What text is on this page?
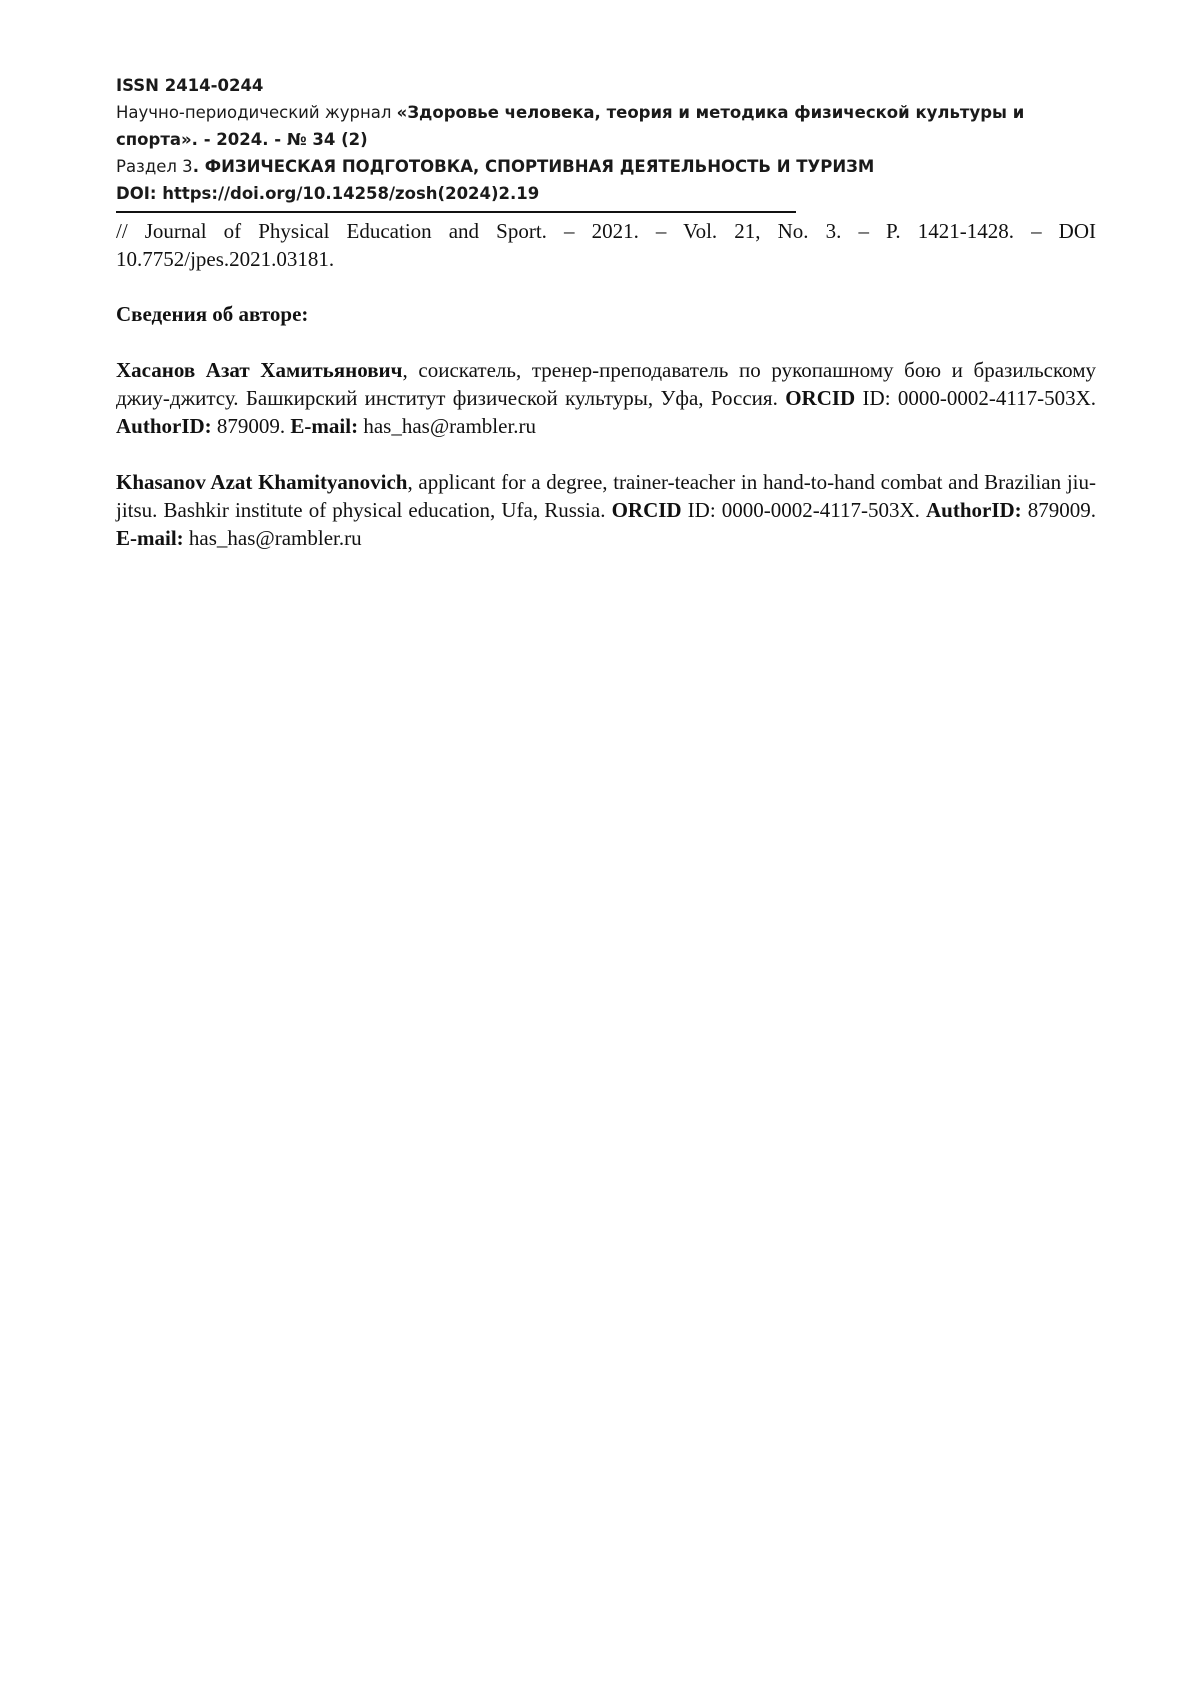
ISSN 2414-0244
Научно-периодический журнал «Здоровье человека, теория и методика физической культуры и
спорта». - 2024. - № 34 (2)
Раздел 3. ФИЗИЧЕСКАЯ ПОДГОТОВКА, СПОРТИВНАЯ ДЕЯТЕЛЬНОСТЬ И ТУРИЗМ
DOI: https://doi.org/10.14258/zosh(2024)2.19
// Journal of Physical Education and Sport. – 2021. – Vol. 21, No. 3. – P. 1421-1428. – DOI 10.7752/jpes.2021.03181.
Сведения об авторе:
Хасанов Азат Хамитьянович, соискатель, тренер-преподаватель по рукопашному бою и бразильскому джиу-джитсу. Башкирский институт физической культуры, Уфа, Россия. ORCID ID: 0000-0002-4117-503X. AuthorID: 879009. E-mail: has_has@rambler.ru
Khasanov Azat Khamityanovich, applicant for a degree, trainer-teacher in hand-to-hand combat and Brazilian jiu-jitsu. Bashkir institute of physical education, Ufa, Russia. ORCID ID: 0000-0002-4117-503X. AuthorID: 879009. E-mail: has_has@rambler.ru
